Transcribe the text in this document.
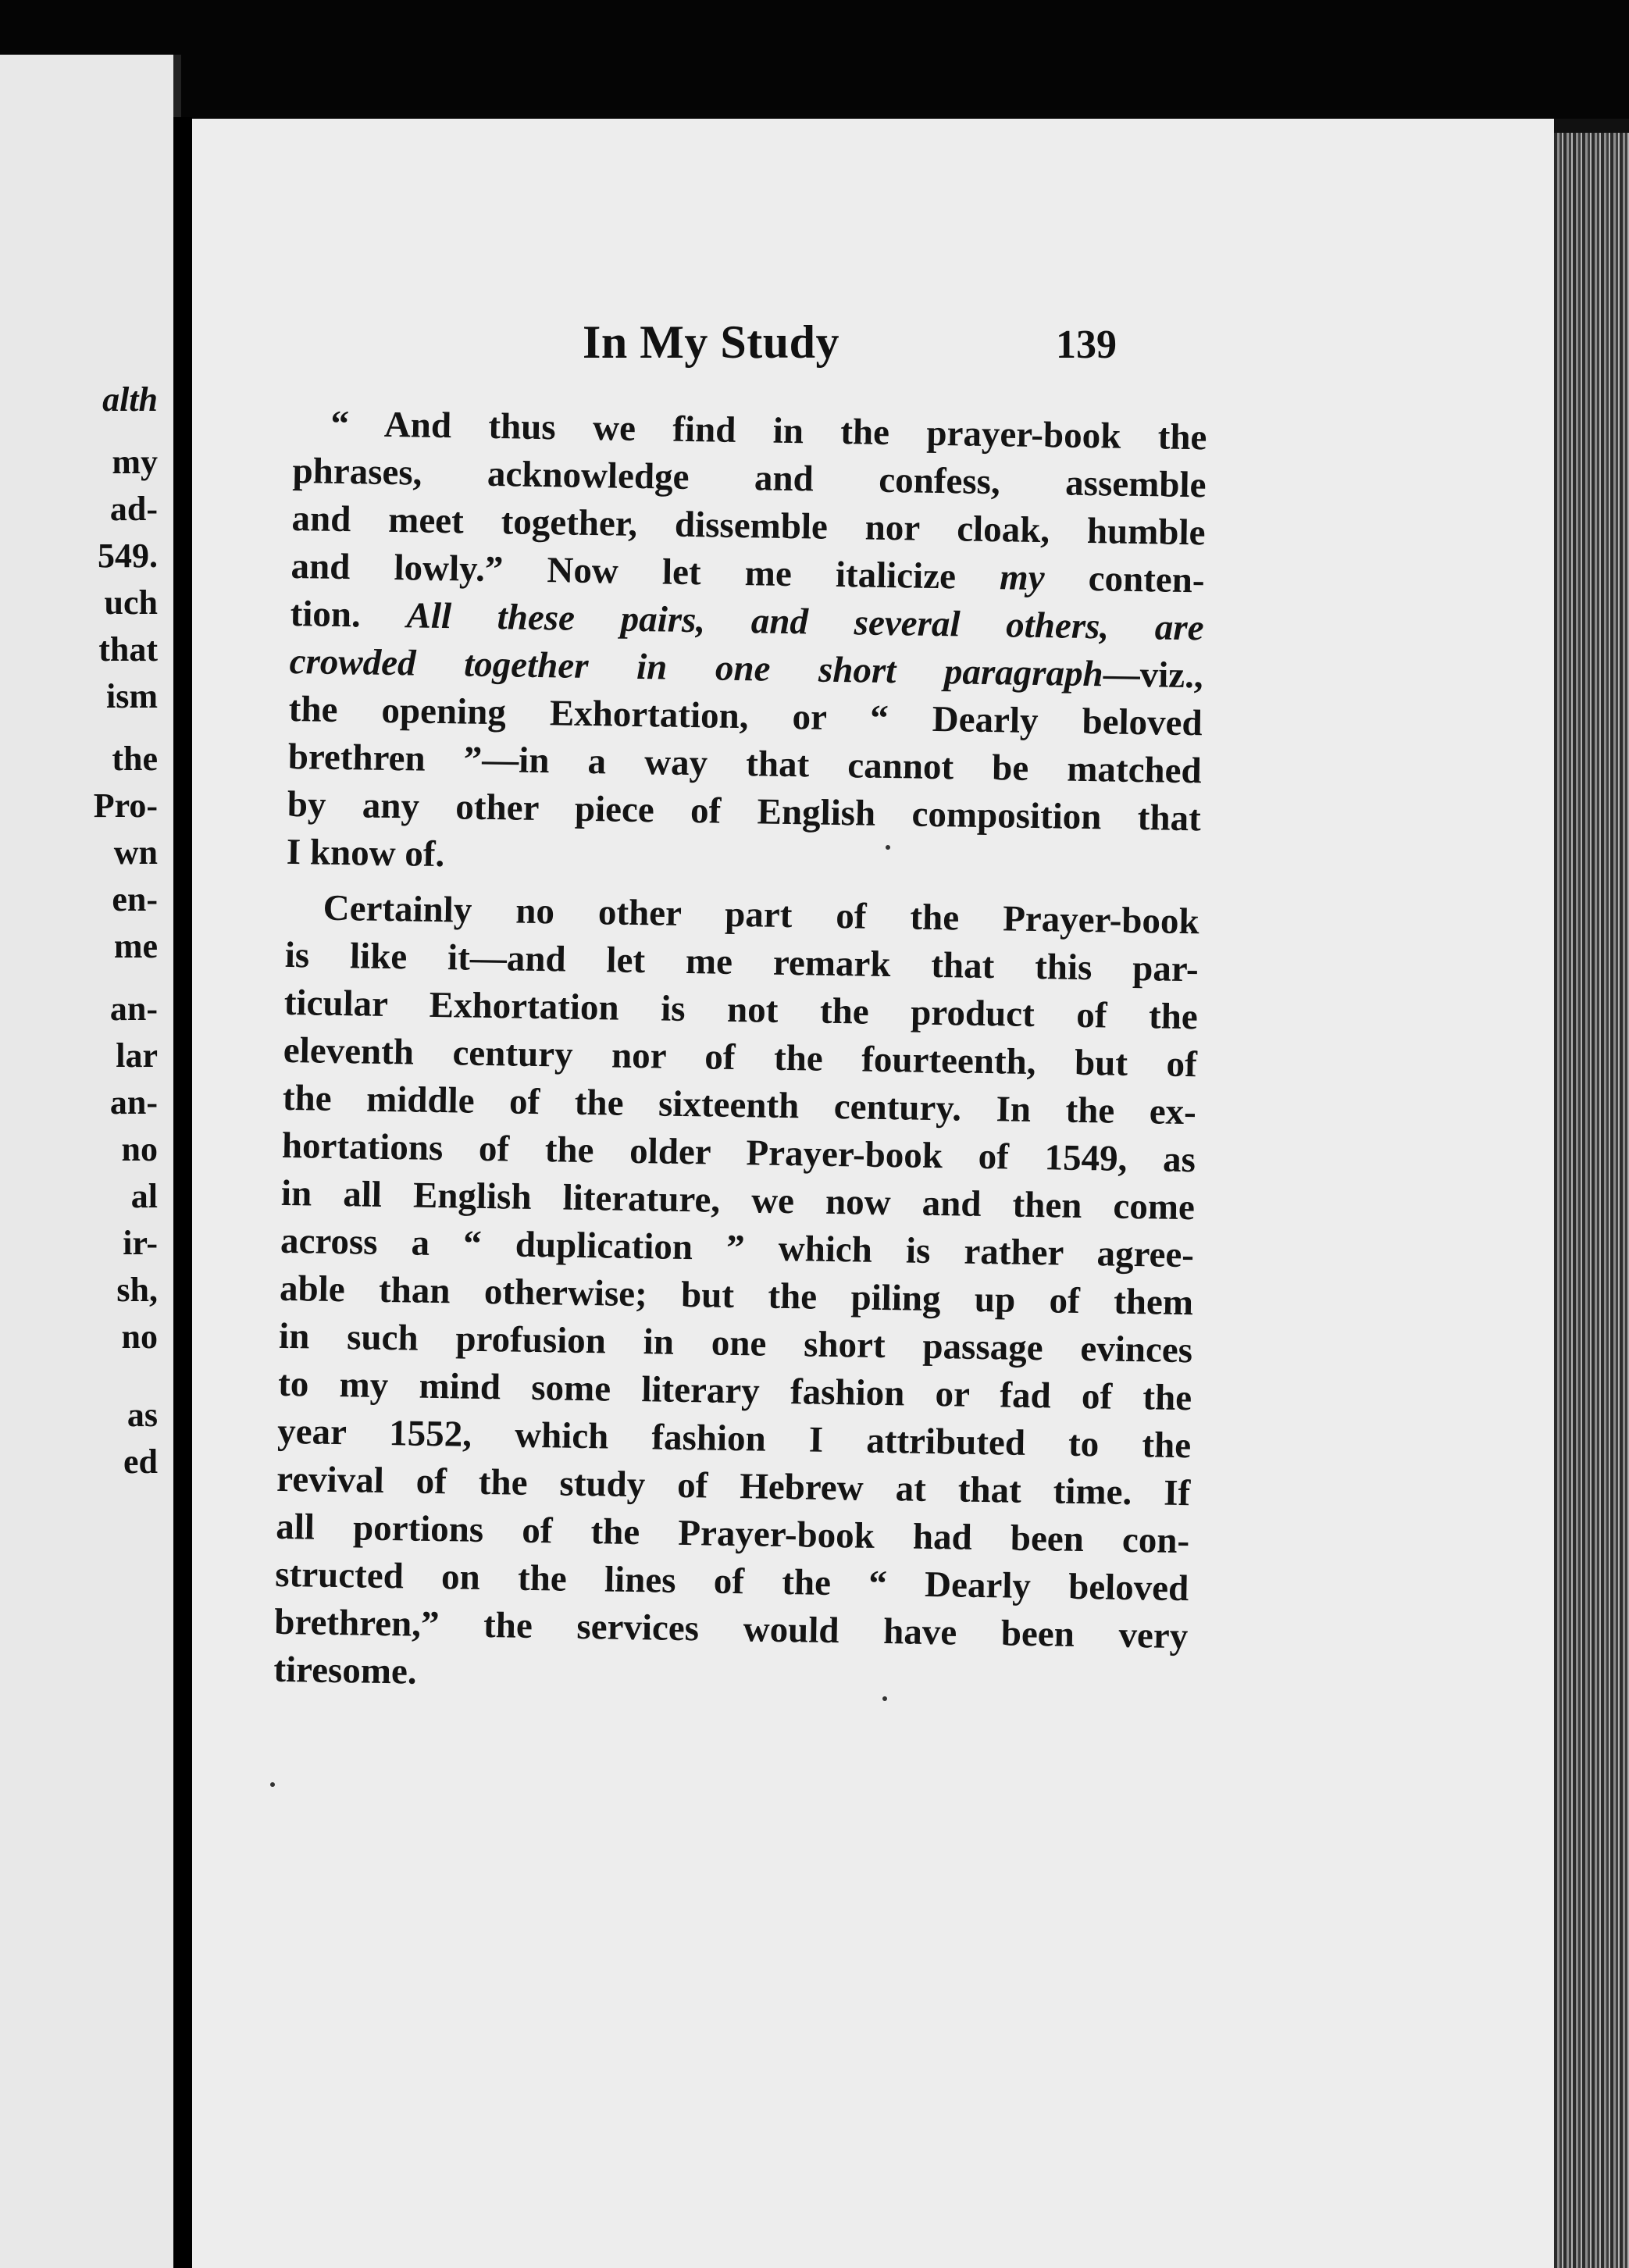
alth
my
ad-
549.
uch
that
ism
the
Pro-
wn
en-
me
an-
lar
an-
no
al
ir-
sh,
no
as
ed
In My Study	139

“ And thus we find in the prayer-book the
phrases, acknowledge and confess, assemble
and meet together, dissemble nor cloak, humble
and lowly.” Now let me italicize my conten-
tion. All these pairs, and several others, are
crowded together in one short paragraph—viz.,
the opening Exhortation, or “ Dearly beloved
brethren ”—in a way that cannot be matched
by any other piece of English composition that
I know of.

Certainly no other part of the Prayer-book
is like it—and let me remark that this par-
ticular Exhortation is not the product of the
eleventh century nor of the fourteenth, but of
the middle of the sixteenth century. In the ex-
hortations of the older Prayer-book of 1549, as
in all English literature, we now and then come
across a “ duplication ” which is rather agree-
able than otherwise; but the piling up of them
in such profusion in one short passage evinces
to my mind some literary fashion or fad of the
year 1552, which fashion I attributed to the
revival of the study of Hebrew at that time. If
all portions of the Prayer-book had been con-
structed on the lines of the “ Dearly beloved
brethren,” the services would have been very
tiresome.
